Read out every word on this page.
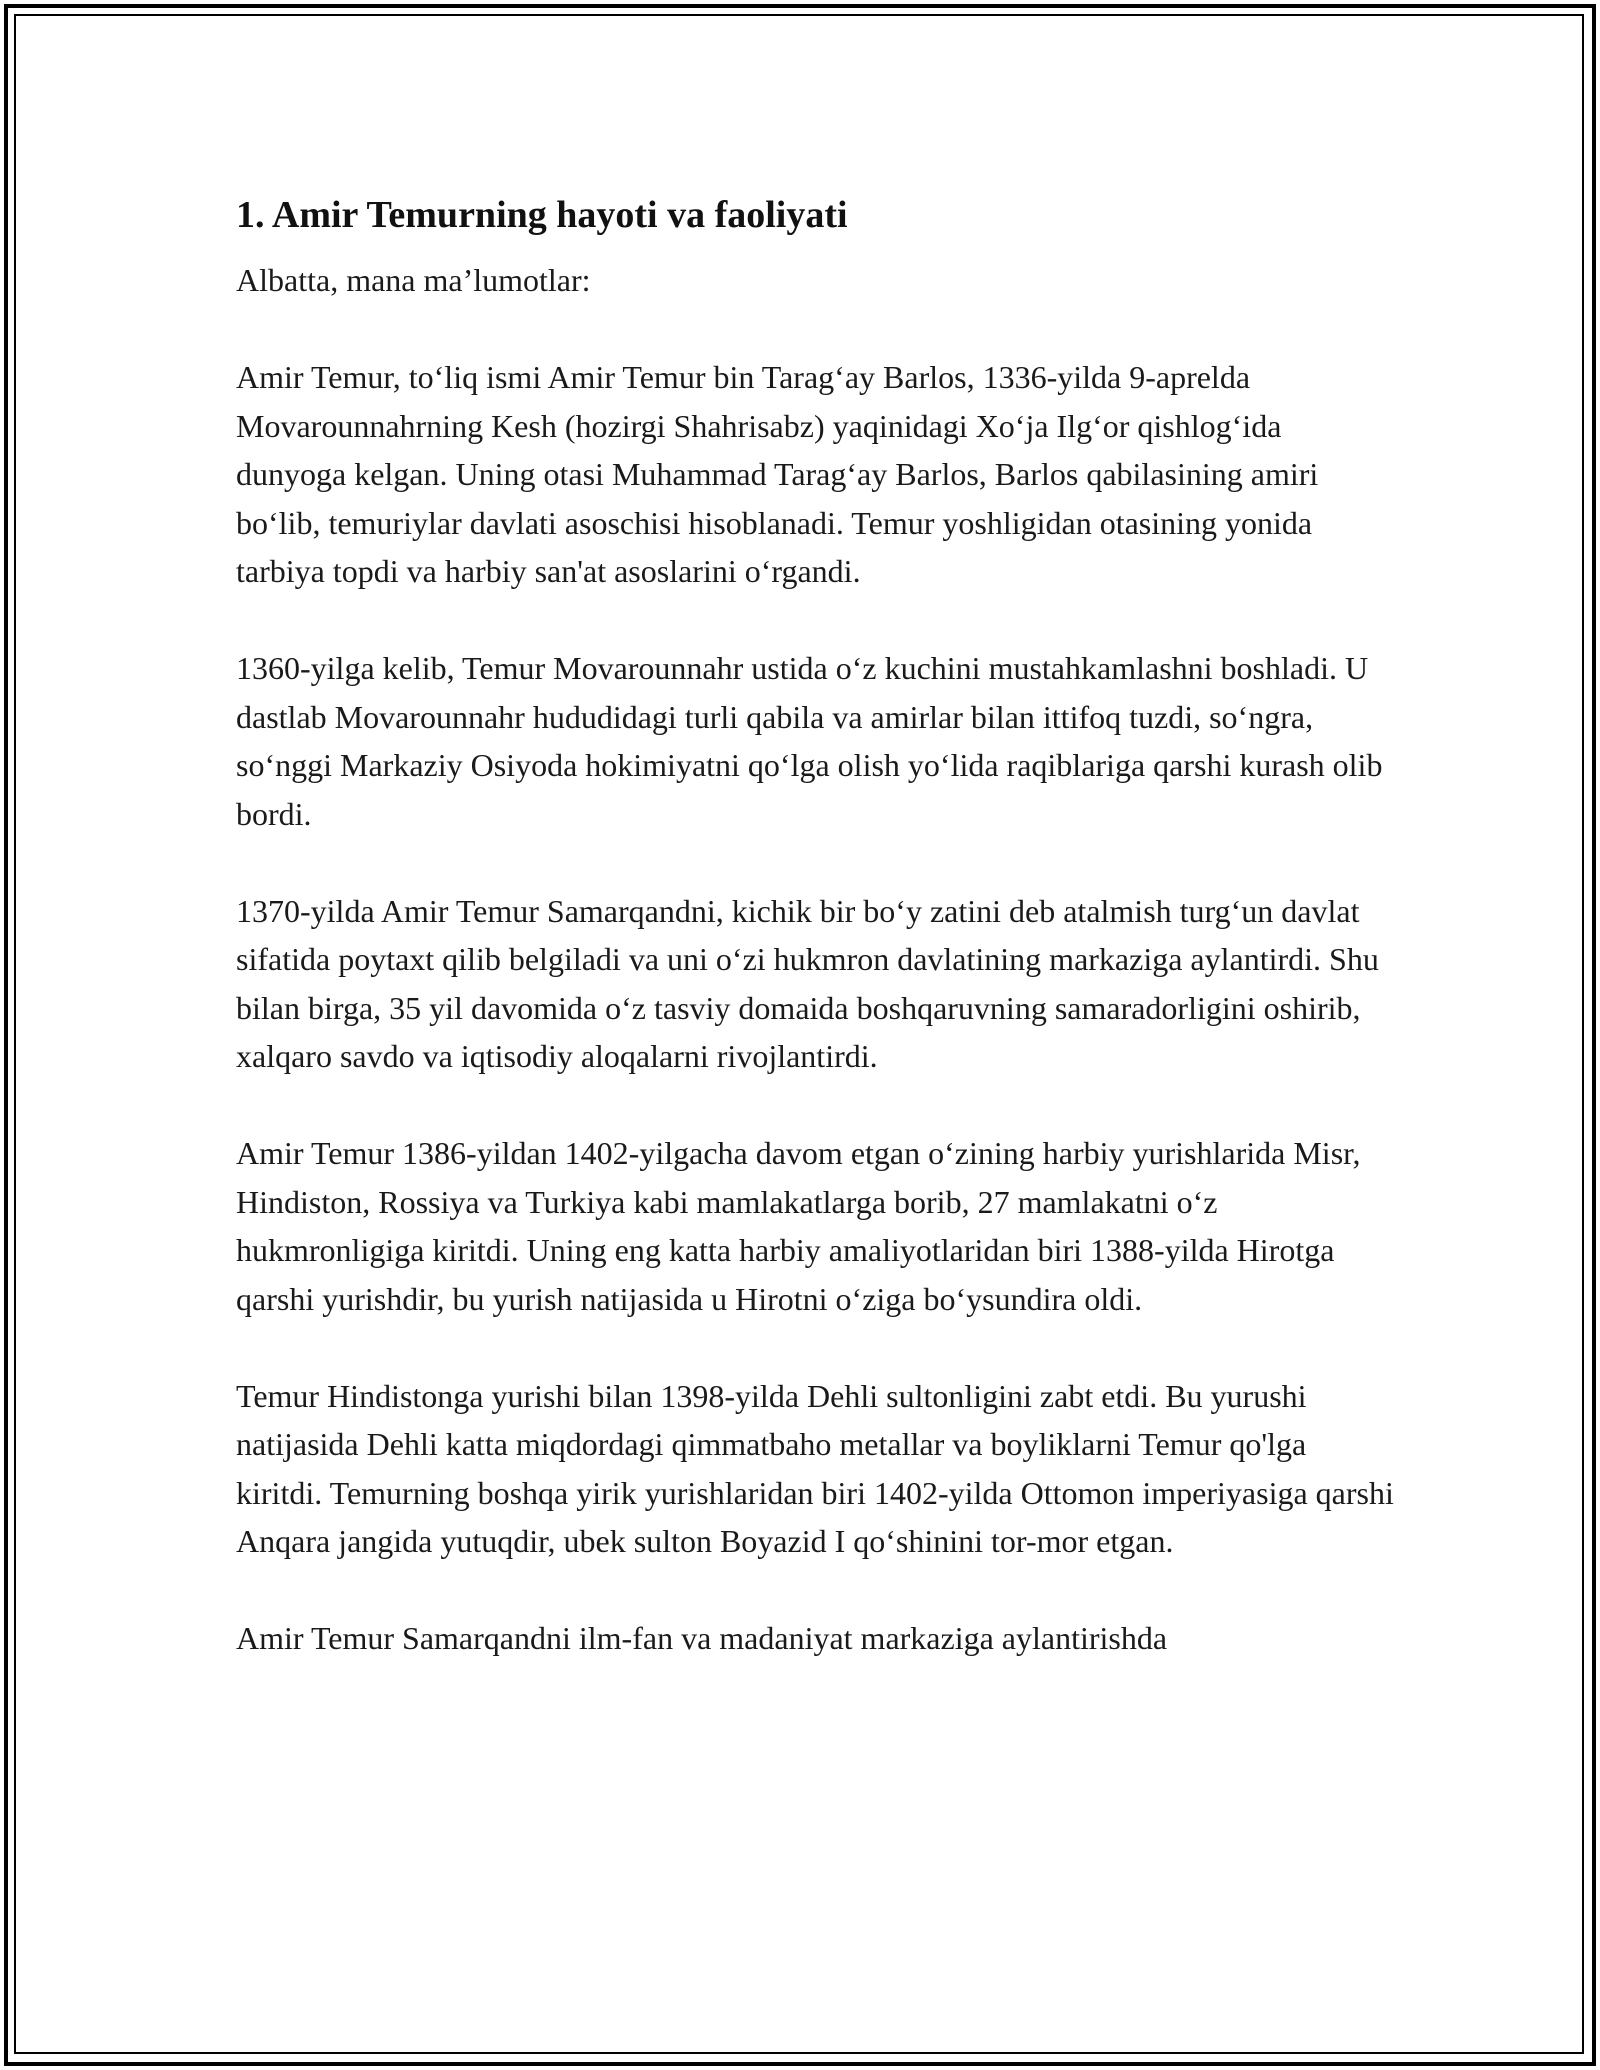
1. Amir Temurning hayoti va faoliyati

Albatta, mana ma’lumotlar:

Amir Temur, to‘liq ismi Amir Temur bin Tarag‘ay Barlos, 1336-yilda 9-aprelda Movarounnahrning Kesh (hozirgi Shahrisabz) yaqinidagi Xo‘ja Ilg‘or qishlog‘ida dunyoga kelgan. Uning otasi Muhammad Tarag‘ay Barlos, Barlos qabilasining amiri bo‘lib, temuriylar davlati asoschisi hisoblanadi. Temur yoshligidan otasining yonida tarbiya topdi va harbiy san'at asoslarini o‘rgandi.

1360-yilga kelib, Temur Movarounnahr ustida o‘z kuchini mustahkamlashni boshladi. U dastlab Movarounnahr hududidagi turli qabila va amirlar bilan ittifoq tuzdi, so‘ngra, so‘nggi Markaziy Osiyoda hokimiyatni qo‘lga olish yo‘lida raqiblariga qarshi kurash olib bordi.

1370-yilda Amir Temur Samarqandni, kichik bir bo‘y zatini deb atalmish turg‘un davlat sifatida poytaxt qilib belgiladi va uni o‘zi hukmron davlatining markaziga aylantirdi. Shu bilan birga, 35 yil davomida o‘z tasviy domaida boshqaruvning samaradorligini oshirib, xalqaro savdo va iqtisodiy aloqalarni rivojlantirdi.

Amir Temur 1386-yildan 1402-yilgacha davom etgan o‘zining harbiy yurishlarida Misr, Hindiston, Rossiya va Turkiya kabi mamlakatlarga borib, 27 mamlakatni o‘z hukmronligiga kiritdi. Uning eng katta harbiy amaliyotlaridan biri 1388-yilda Hirotga qarshi yurishdir, bu yurish natijasida u Hirotni o‘ziga bo‘ysundira oldi.

Temur Hindistonga yurishi bilan 1398-yilda Dehli sultonligini zabt etdi. Bu yurushi natijasida Dehli katta miqdordagi qimmatbaho metallar va boyliklarni Temur qo'lga kiritdi. Temurning boshqa yirik yurishlaridan biri 1402-yilda Ottomon imperiyasiga qarshi Anqara jangida yutuqdir, ubek sulton Boyazid I qo‘shinini tor-mor etgan.

Amir Temur Samarqandni ilm-fan va madaniyat markaziga aylantirishda
